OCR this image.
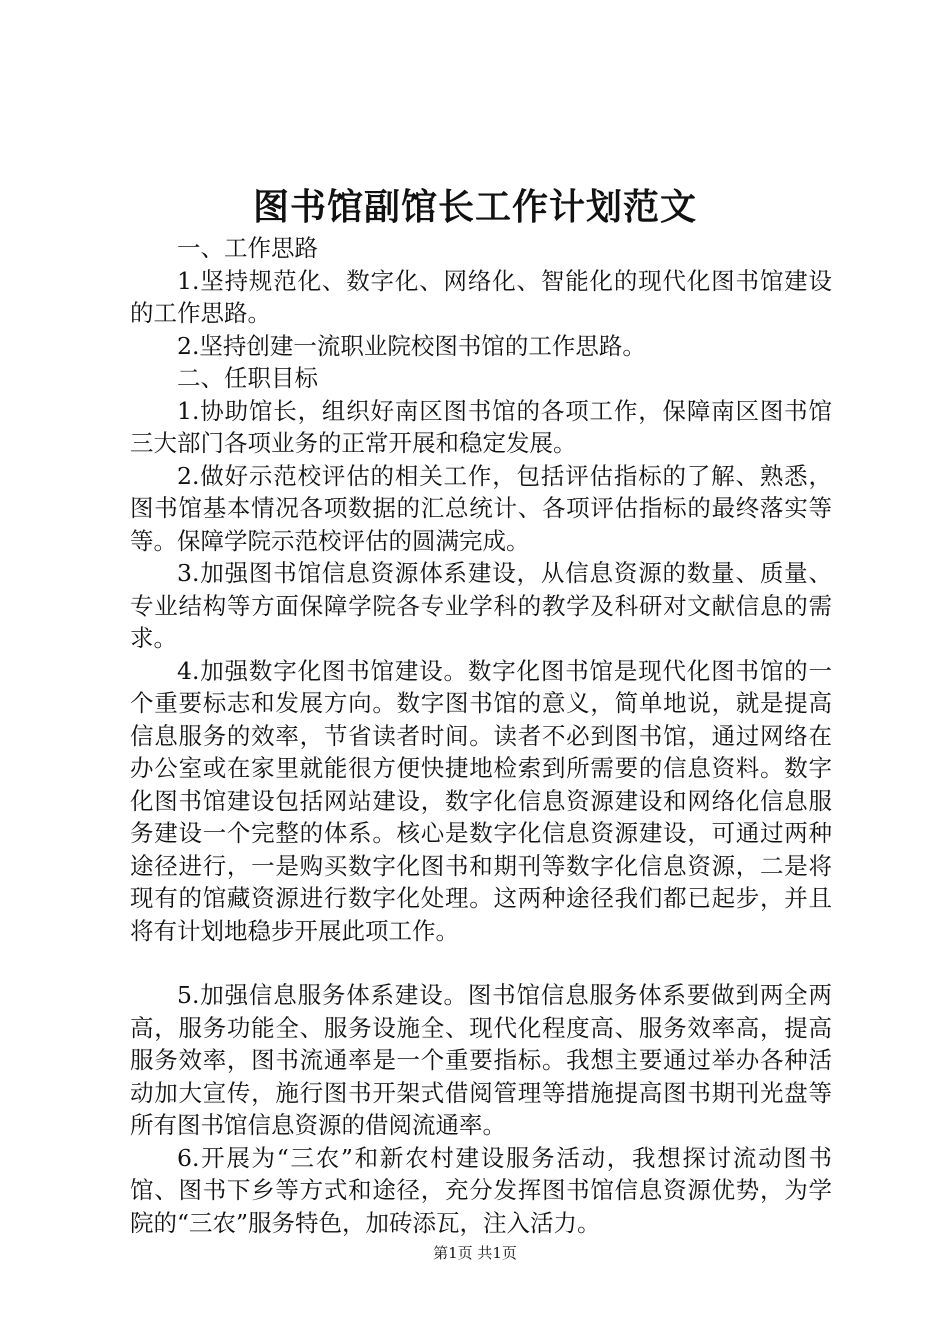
图书馆副馆长工作计划范文

一、工作思路

1.坚持规范化、数字化、网络化、智能化的现代化图书馆建设的工作思路。

2.坚持创建一流职业院校图书馆的工作思路。

二、任职目标

1.协助馆长，组织好南区图书馆的各项工作，保障南区图书馆三大部门各项业务的正常开展和稳定发展。

2.做好示范校评估的相关工作，包括评估指标的了解、熟悉，图书馆基本情况各项数据的汇总统计、各项评估指标的最终落实等等。保障学院示范校评估的圆满完成。

3.加强图书馆信息资源体系建设，从信息资源的数量、质量、专业结构等方面保障学院各专业学科的教学及科研对文献信息的需求。

4.加强数字化图书馆建设。数字化图书馆是现代化图书馆的一个重要标志和发展方向。数字图书馆的意义，简单地说，就是提高信息服务的效率，节省读者时间。读者不必到图书馆，通过网络在办公室或在家里就能很方便快捷地检索到所需要的信息资料。数字化图书馆建设包括网站建设，数字化信息资源建设和网络化信息服务建设一个完整的体系。核心是数字化信息资源建设，可通过两种途径进行，一是购买数字化图书和期刊等数字化信息资源，二是将现有的馆藏资源进行数字化处理。这两种途径我们都已起步，并且将有计划地稳步开展此项工作。

5.加强信息服务体系建设。图书馆信息服务体系要做到两全两高，服务功能全、服务设施全、现代化程度高、服务效率高，提高服务效率，图书流通率是一个重要指标。我想主要通过举办各种活动加大宣传，施行图书开架式借阅管理等措施提高图书期刊光盘等所有图书馆信息资源的借阅流通率。

6.开展为“三农”和新农村建设服务活动，我想探讨流动图书馆、图书下乡等方式和途径，充分发挥图书馆信息资源优势，为学院的“三农”服务特色，加砖添瓦，注入活力。

第1页 共1页
